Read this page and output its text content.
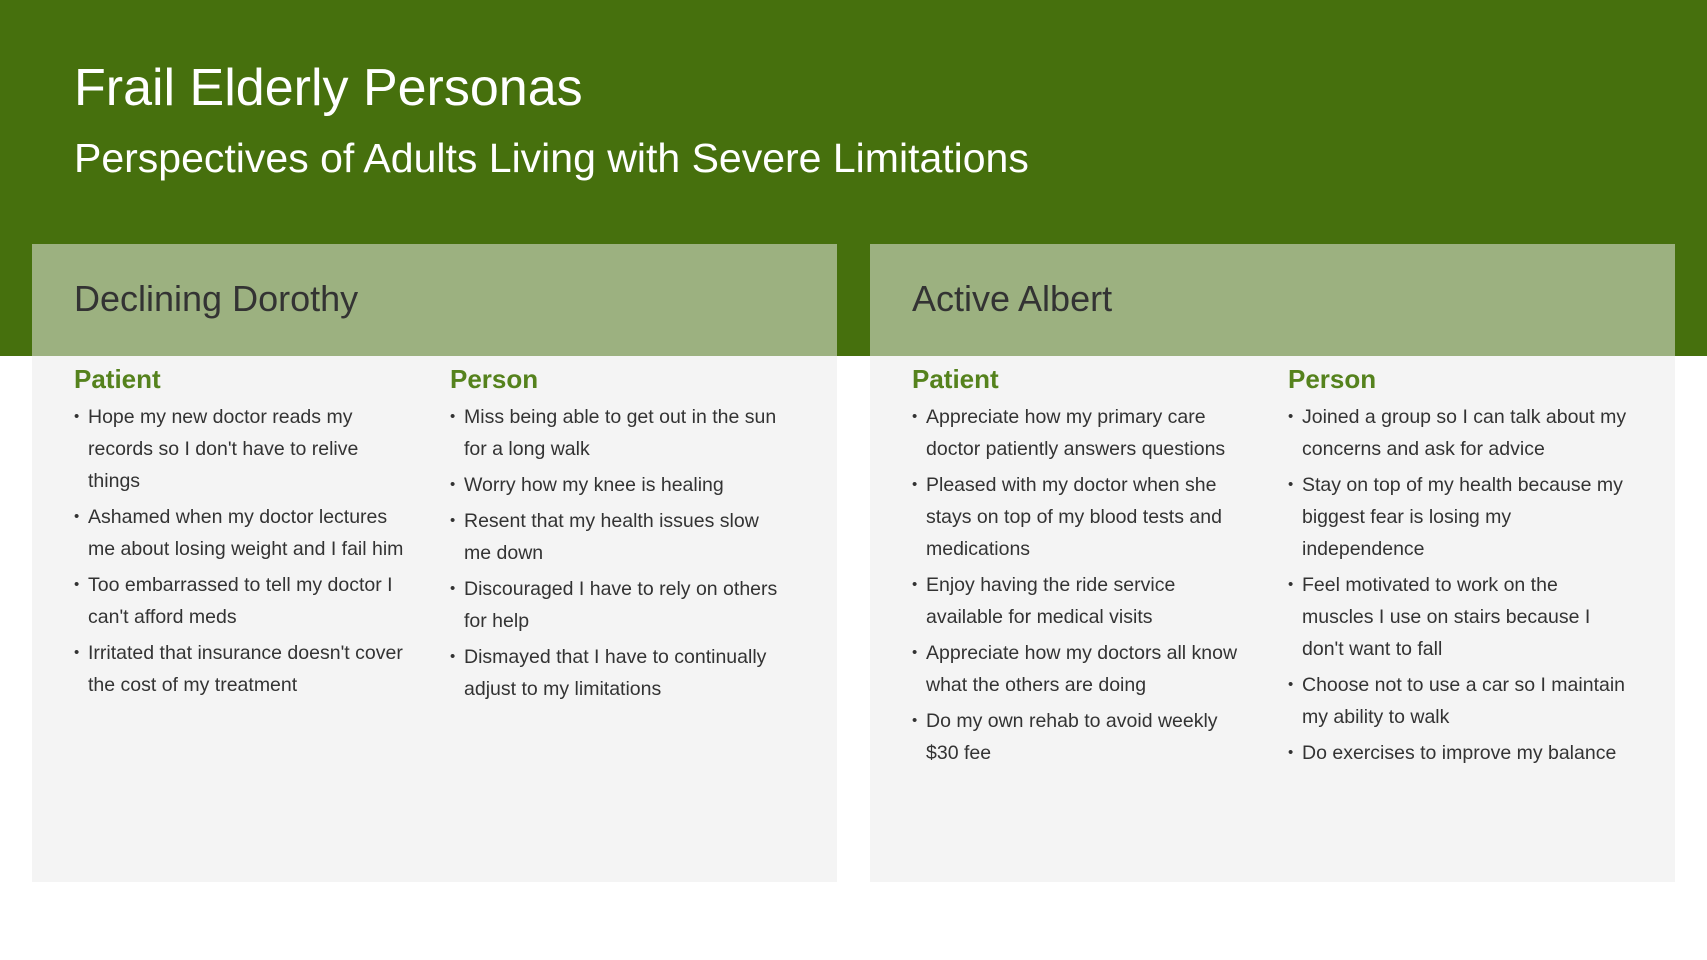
Frail Elderly Personas
Perspectives of Adults Living with Severe Limitations
Declining Dorothy
Patient
• Hope my new doctor reads my records so I don't have to relive things
• Ashamed when my doctor lectures me about losing weight and I fail him
• Too embarrassed to tell my doctor I can't afford meds
• Irritated that insurance doesn't cover the cost of my treatment
Person
• Miss being able to get out in the sun for a long walk
• Worry how my knee is healing
• Resent that my health issues slow me down
• Discouraged I have to rely on others for help
• Dismayed that I have to continually adjust to my limitations
Active Albert
Patient
• Appreciate how my primary care doctor patiently answers questions
• Pleased with my doctor when she stays on top of my blood tests and medications
• Enjoy having the ride service available for medical visits
• Appreciate how my doctors all know what the others are doing
• Do my own rehab to avoid weekly $30 fee
Person
• Joined a group so I can talk about my concerns and ask for advice
• Stay on top of my health because my biggest fear is losing my independence
• Feel motivated to work on the muscles I use on stairs because I don't want to fall
• Choose not to use a car so I maintain my ability to walk
• Do exercises to improve my balance
